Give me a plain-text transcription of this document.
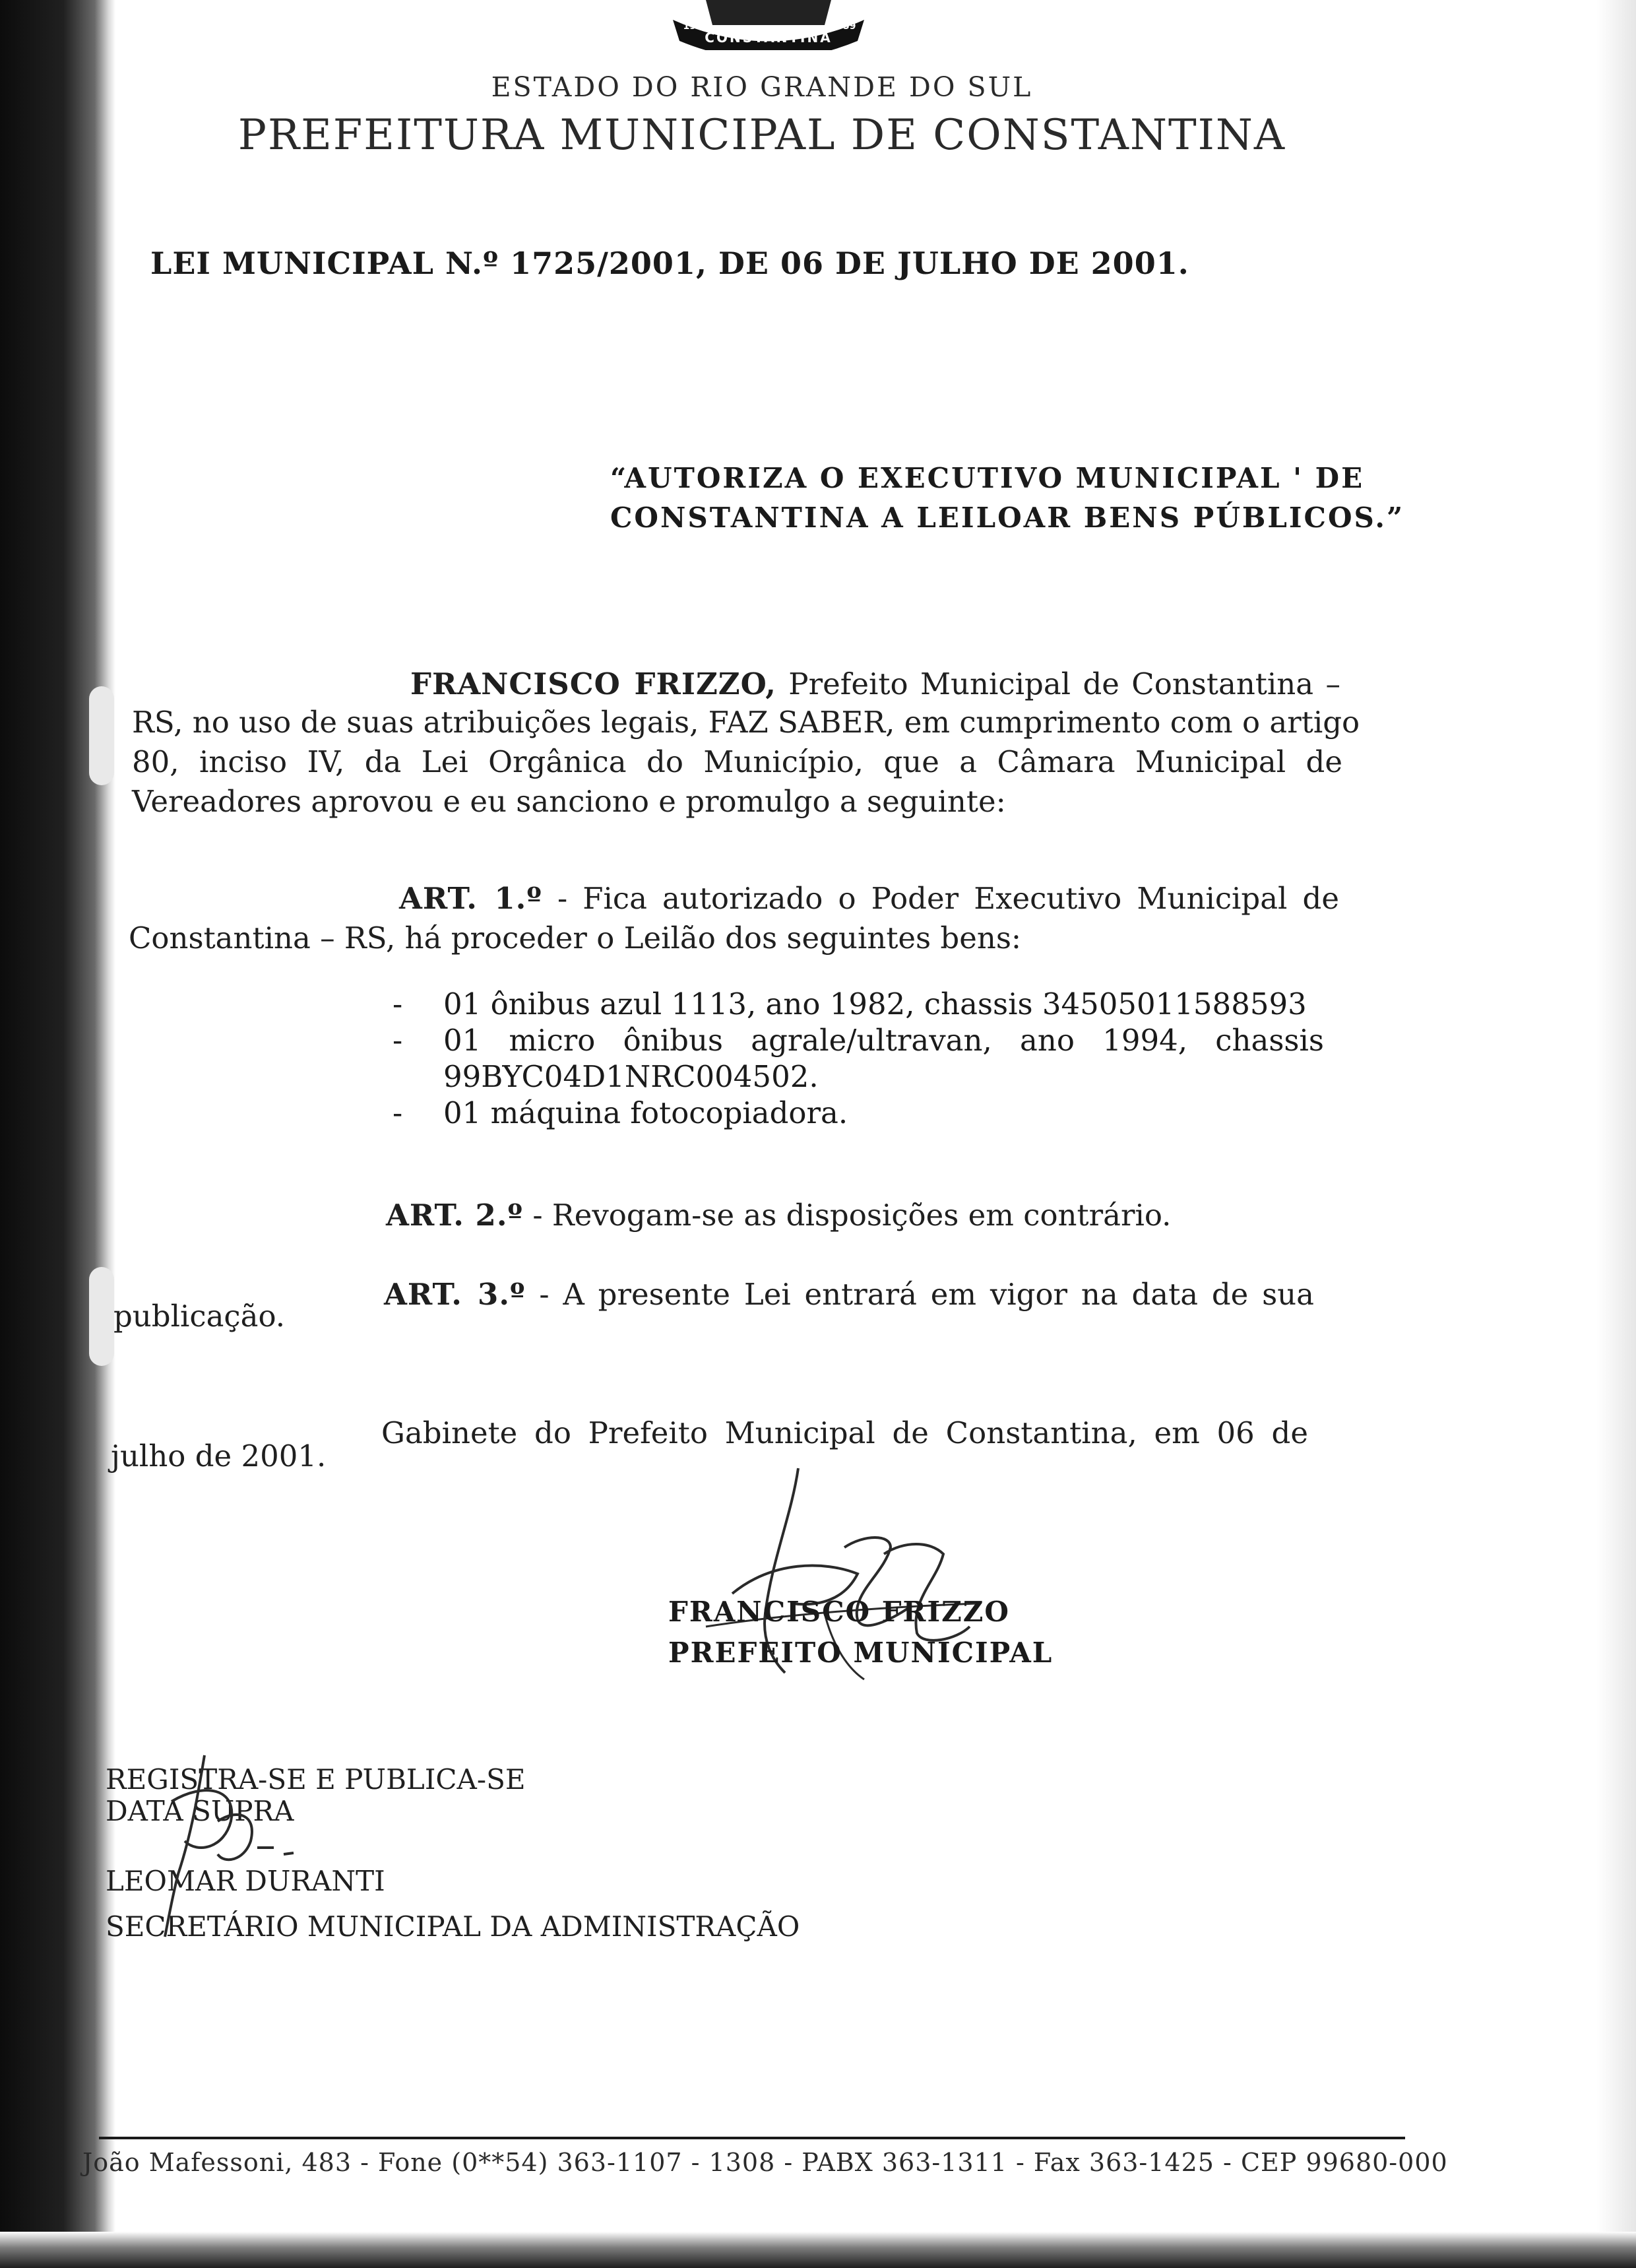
CONSTANTINA
1904	1959

ESTADO DO RIO GRANDE DO SUL

PREFEITURA MUNICIPAL DE CONSTANTINA

LEI MUNICIPAL N.º 1725/2001, DE 06 DE JULHO DE 2001.

“AUTORIZA O EXECUTIVO MUNICIPAL ' DE

CONSTANTINA A LEILOAR BENS PÚBLICOS.”

FRANCISCO FRIZZO, Prefeito Municipal de Constantina –

RS, no uso de suas atribuições legais, FAZ SABER, em cumprimento com o artigo

80, inciso IV, da Lei Orgânica do Município, que a Câmara Municipal de

Vereadores aprovou e eu sanciono e promulgo a seguinte:

ART. 1.º - Fica autorizado o Poder Executivo Municipal de

Constantina – RS, há proceder o Leilão dos seguintes bens:

- 01 ônibus azul 1113, ano 1982, chassis 34505011588593

- 01 micro ônibus agrale/ultravan, ano 1994, chassis

99BYC04D1NRC004502.

- 01 máquina fotocopiadora.

ART. 2.º - Revogam-se as disposições em contrário.

ART. 3.º - A presente Lei entrará em vigor na data de sua

publicação.

Gabinete do Prefeito Municipal de Constantina, em 06 de

julho de 2001.

FRANCISCO FRIZZO

PREFEITO MUNICIPAL

REGISTRA-SE E PUBLICA-SE

DATA SUPRA

LEOMAR DURANTI

SECRETÁRIO MUNICIPAL DA ADMINISTRAÇÃO

João Mafessoni, 483 - Fone (0**54) 363-1107 - 1308 - PABX 363-1311 - Fax 363-1425 - CEP 99680-000
